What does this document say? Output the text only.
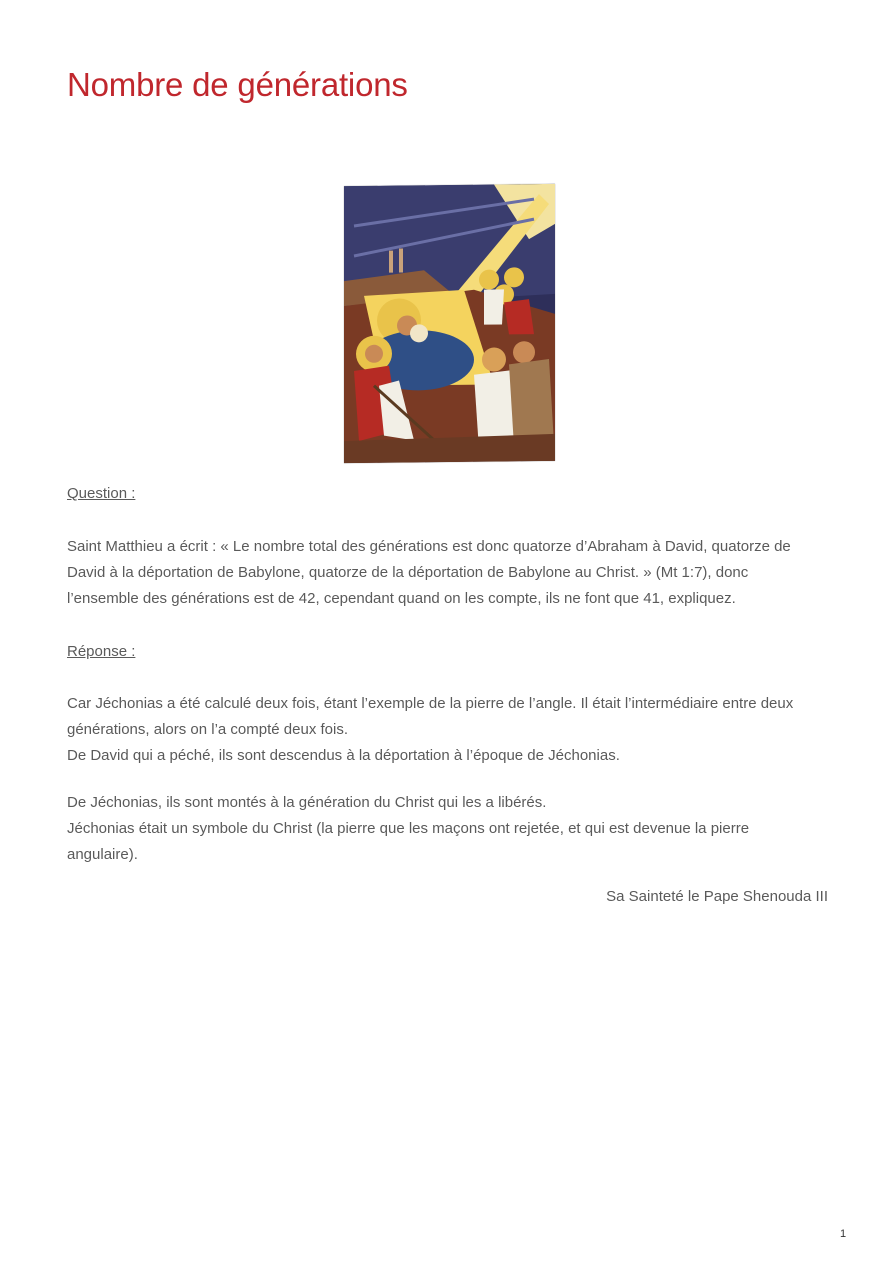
Nombre de générations
Question :

Saint Matthieu a écrit : « Le nombre total des générations est donc quatorze d’Abraham à David, quatorze de
David à la déportation de Babylone, quatorze de la déportation de Babylone au Christ. » (Mt 1:7), donc
l’ensemble des générations est de 42, cependant quand on les compte, ils ne font que 41, expliquez.

Réponse :

Car Jéchonias a été calculé deux fois, étant l’exemple de la pierre de l’angle. Il était l’intermédiaire entre deux
générations, alors on l’a compté deux fois.
De David qui a péché, ils sont descendus à la déportation à l’époque de Jéchonias.

De Jéchonias, ils sont montés à la génération du Christ qui les a libérés.
Jéchonias était un symbole du Christ (la pierre que les maçons ont rejetée, et qui est devenue la pierre
angulaire).

Sa Sainteté le Pape Shenouda III
1
